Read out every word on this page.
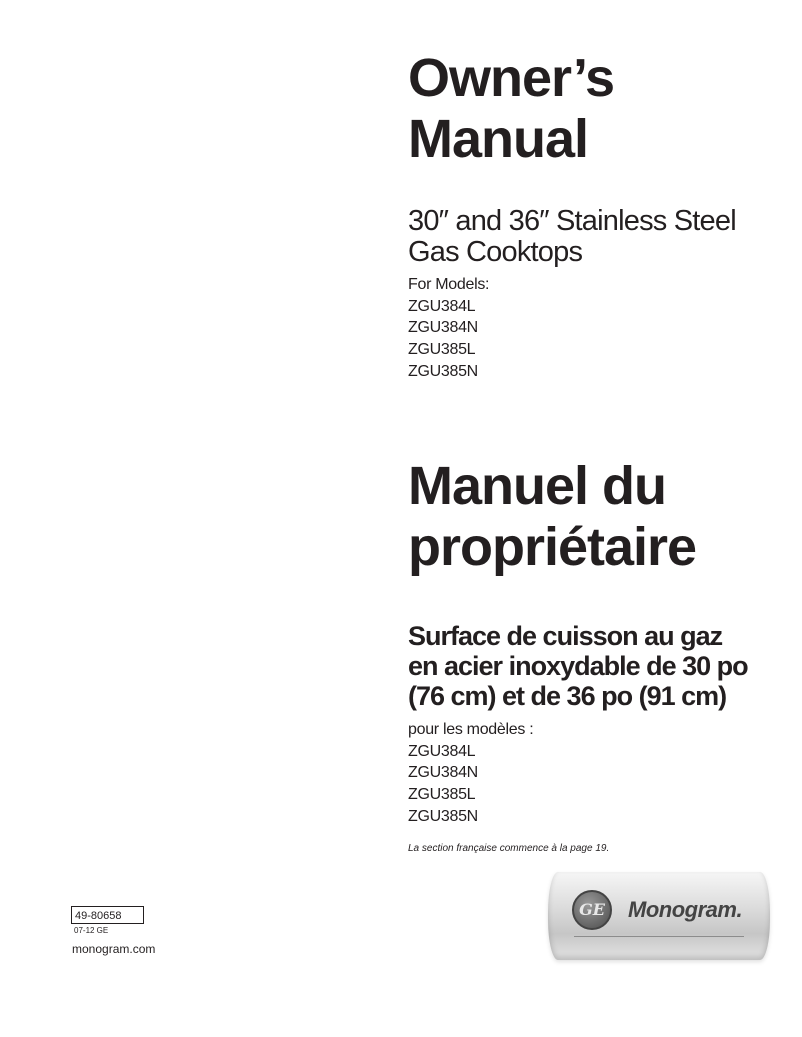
Owner’s
Manual
30″ and 36″ Stainless Steel
Gas Cooktops
For Models:
ZGU384L
ZGU384N
ZGU385L
ZGU385N
Manuel du
propriétaire
Surface de cuisson au gaz
en acier inoxydable de 30 po
(76 cm) et de 36 po (91 cm)
pour les modèles :
ZGU384L
ZGU384N
ZGU385L
ZGU385N
La section française commence à la page 19.
49-80658
07-12 GE
monogram.com
GE	Monogram.
